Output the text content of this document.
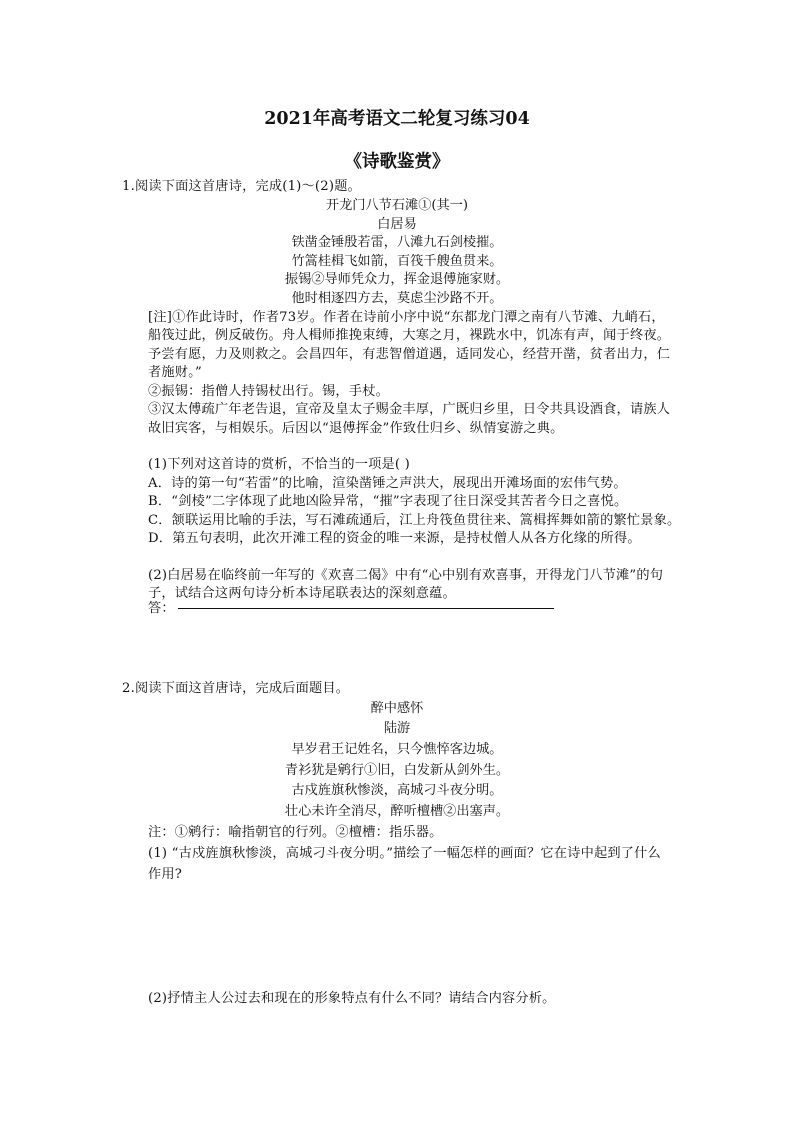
2021年高考语文二轮复习练习04
《诗歌鉴赏》
1.阅读下面这首唐诗，完成(1)～(2)题。
开龙门八节石滩①(其一)
白居易
铁凿金锤殷若雷，八滩九石剑棱摧。
竹篙桂楫飞如箭，百筏千艘鱼贯来。
振锡②导师凭众力，挥金退傅施家财。
他时相逐四方去，莫虑尘沙路不开。
[注]①作此诗时，作者73岁。作者在诗前小序中说“东都龙门潭之南有八节滩、九峭石，
船筏过此，例反破伤。舟人楫师推挽束缚，大寒之月，裸跣水中，饥冻有声，闻于终夜。
予尝有愿，力及则救之。会昌四年，有悲智僧道遇，适同发心，经营开凿，贫者出力，仁
者施财。”
②振锡：指僧人持锡杖出行。锡，手杖。
③汉太傅疏广年老告退，宣帝及皇太子赐金丰厚，广既归乡里，日令共具设酒食，请族人
故旧宾客，与相娱乐。后因以“退傅挥金”作致仕归乡、纵情宴游之典。
(1)下列对这首诗的赏析，不恰当的一项是( )
A．诗的第一句“若雷”的比喻，渲染凿锤之声洪大，展现出开滩场面的宏伟气势。
B．“剑棱”二字体现了此地凶险异常，“摧”字表现了往日深受其苦者今日之喜悦。
C．颔联运用比喻的手法，写石滩疏通后，江上舟筏鱼贯往来、篙楫挥舞如箭的繁忙景象。
D．第五句表明，此次开滩工程的资金的唯一来源，是持杖僧人从各方化缘的所得。
(2)白居易在临终前一年写的《欢喜二偈》中有“心中别有欢喜事，开得龙门八节滩”的句
子，试结合这两句诗分析本诗尾联表达的深刻意蕴。
答：
2.阅读下面这首唐诗，完成后面题目。
醉中感怀
陆游
早岁君王记姓名，只今憔悴客边城。
青衫犹是鹓行①旧，白发新从剑外生。
古戍旌旗秋惨淡，高城刁斗夜分明。
壮心未许全消尽，醉听檀槽②出塞声。
注：①鹓行：喻指朝官的行列。②檀槽：指乐器。
(1) “古戍旌旗秋惨淡，高城刁斗夜分明。”描绘了一幅怎样的画面？它在诗中起到了什么
作用?
(2)抒情主人公过去和现在的形象特点有什么不同？请结合内容分析。
